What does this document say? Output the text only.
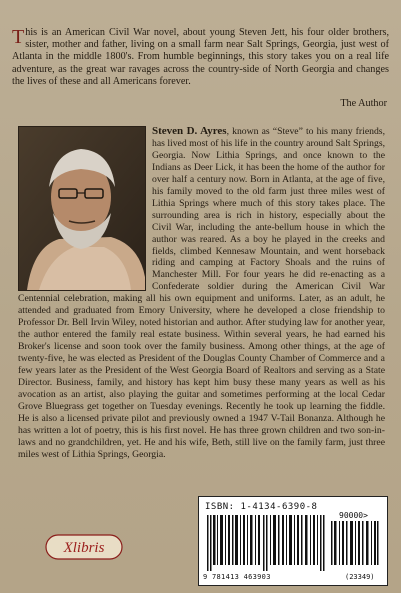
This is an American Civil War novel, about young Steven Jett, his four older brothers, sister, mother and father, living on a small farm near Salt Springs, Georgia, just west of Atlanta in the middle 1800's. From humble beginnings, this story takes you on a real life adventure, as the great war ravages across the country-side of North Georgia and changes the lives of these and all Americans forever.
The Author
Steven D. Ayres, known as “Steve” to his many friends, has lived most of his life in the country around Salt Springs, Georgia. Now Lithia Springs, and once known to the Indians as Deer Lick, it has been the home of the author for over half a century now. Born in Atlanta, at the age of five, his family moved to the old farm just three miles west of Lithia Springs where much of this story takes place. The surrounding area is rich in history, especially about the Civil War, including the ante-bellum house in which the author was reared. As a boy he played in the creeks and fields, climbed Kennesaw Mountain, and went horseback riding and camping at Factory Shoals and the ruins of Manchester Mill. For four years he did re-enacting as a Confederate soldier during the American Civil War Centennial celebration, making all his own equipment and uniforms. Later, as an adult, he attended and graduated from Emory University, where he developed a close friendship to Professor Dr. Bell Irvin Wiley, noted historian and author. After studying law for another year, the author entered the family real estate business. Within several years, he had earned his Broker's license and soon took over the family business. Among other things, at the age of twenty-five, he was elected as President of the Douglas County Chamber of Commerce and a few years later as the President of the West Georgia Board of Realtors and serving as a State Director. Business, family, and history has kept him busy these many years as well as his avocation as an artist, also playing the guitar and sometimes performing at the local Cedar Grove Bluegrass get together on Tuesday evenings. Recently he took up learning the fiddle. He is also a licensed private pilot and previously owned a 1947 V-Tail Bonanza. Although he has written a lot of poetry, this is his first novel. He has three grown children and two son-in-laws and no grandchildren, yet. He and his wife, Beth, still live on the family farm, just three miles west of Lithia Springs, Georgia.
Xlibris
ISBN: 1-4134-6390-8
90000>
9 781413 463903	(23349)
